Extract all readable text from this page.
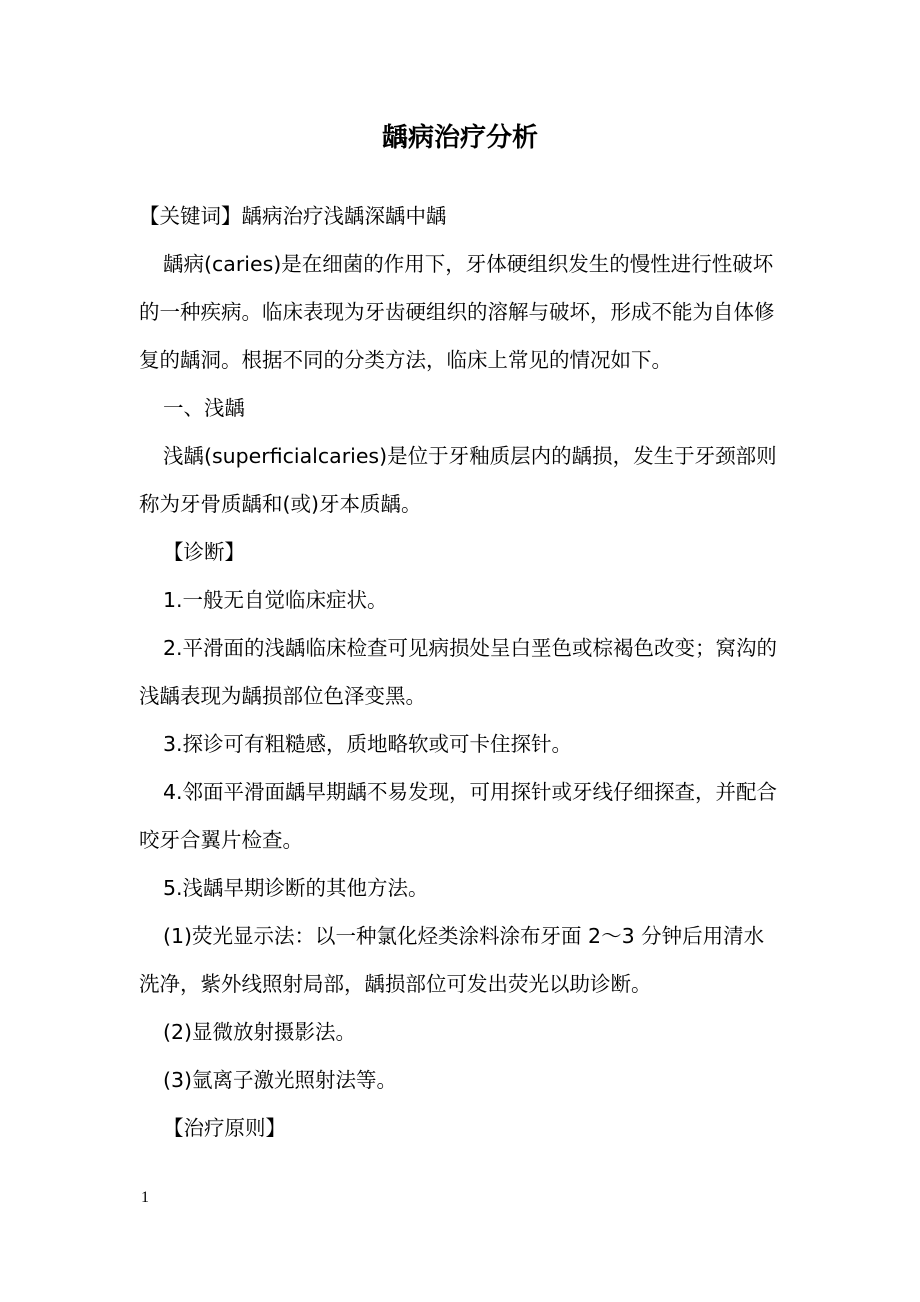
龋病治疗分析

【关键词】龋病治疗浅龋深龋中龋

龋病(caries)是在细菌的作用下，牙体硬组织发生的慢性进行性破坏的一种疾病。临床表现为牙齿硬组织的溶解与破坏，形成不能为自体修复的龋洞。根据不同的分类方法，临床上常见的情况如下。

一、浅龋

浅龋(superficialcaries)是位于牙釉质层内的龋损，发生于牙颈部则称为牙骨质龋和(或)牙本质龋。

【诊断】

1.一般无自觉临床症状。

2.平滑面的浅龋临床检查可见病损处呈白垩色或棕褐色改变；窝沟的浅龋表现为龋损部位色泽变黑。

3.探诊可有粗糙感，质地略软或可卡住探针。

4.邻面平滑面龋早期龋不易发现，可用探针或牙线仔细探查，并配合咬牙合翼片检查。

5.浅龋早期诊断的其他方法。

(1)荧光显示法：以一种氯化烃类涂料涂布牙面 2～3 分钟后用清水洗净，紫外线照射局部，龋损部位可发出荧光以助诊断。

(2)显微放射摄影法。

(3)氩离子激光照射法等。

【治疗原则】

1
